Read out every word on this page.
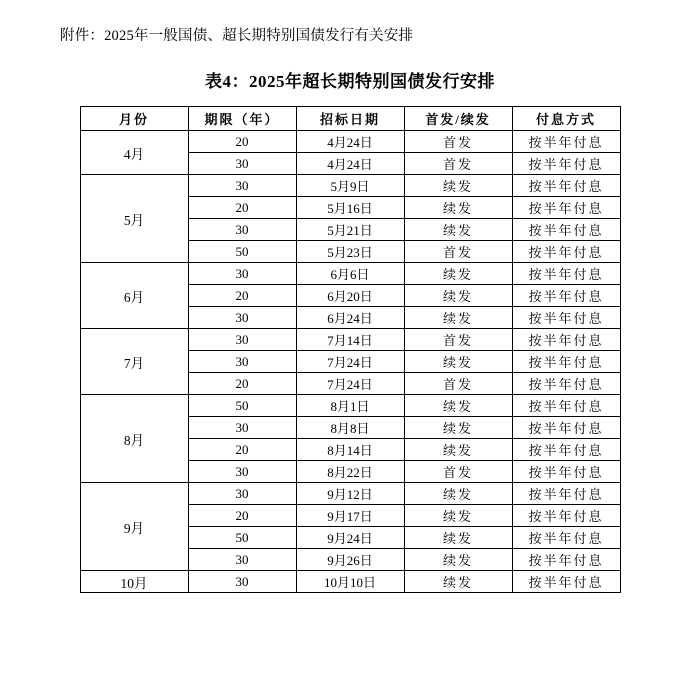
附件：2025年一般国债、超长期特别国债发行有关安排
表4：2025年超长期特别国债发行安排
月份	期限（年）	招标日期	首发/续发	付息方式
4月	20	4月24日	首发	按半年付息
	30	4月24日	首发	按半年付息
5月	30	5月9日	续发	按半年付息
	20	5月16日	续发	按半年付息
	30	5月21日	续发	按半年付息
	50	5月23日	首发	按半年付息
6月	30	6月6日	续发	按半年付息
	20	6月20日	续发	按半年付息
	30	6月24日	续发	按半年付息
7月	30	7月14日	首发	按半年付息
	30	7月24日	续发	按半年付息
	20	7月24日	首发	按半年付息
8月	50	8月1日	续发	按半年付息
	30	8月8日	续发	按半年付息
	20	8月14日	续发	按半年付息
	30	8月22日	首发	按半年付息
9月	30	9月12日	续发	按半年付息
	20	9月17日	续发	按半年付息
	50	9月24日	续发	按半年付息
	30	9月26日	续发	按半年付息
10月	30	10月10日	续发	按半年付息
